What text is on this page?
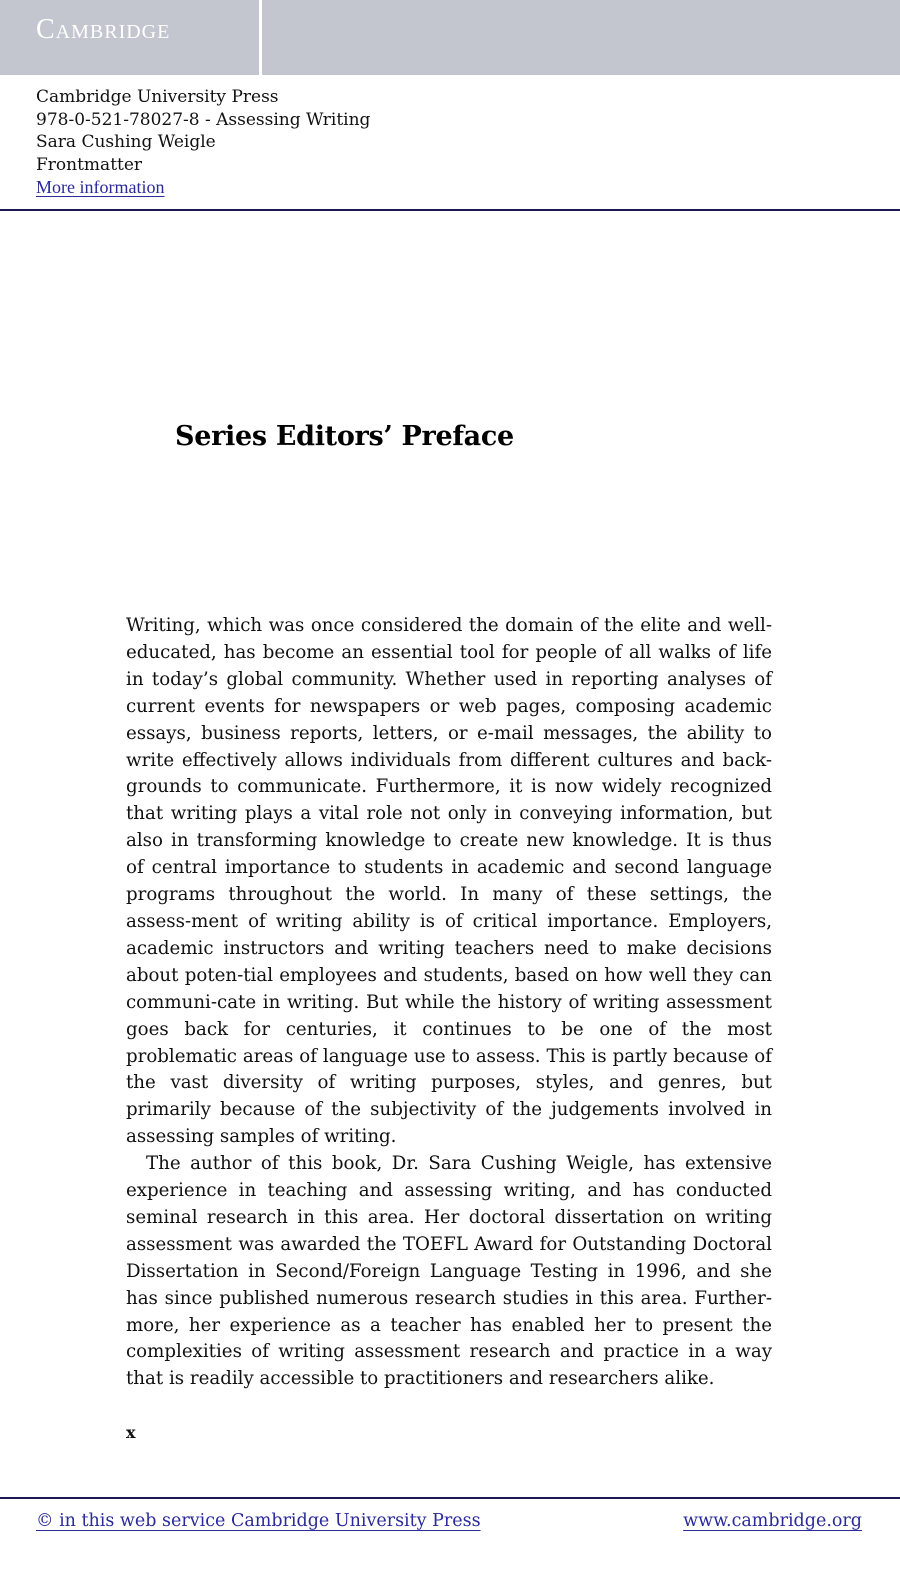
Cambridge
Cambridge University Press
978-0-521-78027-8 - Assessing Writing
Sara Cushing Weigle
Frontmatter
More information
Series Editors’ Preface

Writing, which was once considered the domain of the elite and well-educated, has become an essential tool for people of all walks of life in today’s global community. Whether used in reporting analyses of current events for newspapers or web pages, composing academic essays, business reports, letters, or e-mail messages, the ability to write effectively allows individuals from different cultures and back-grounds to communicate. Furthermore, it is now widely recognized that writing plays a vital role not only in conveying information, but also in transforming knowledge to create new knowledge. It is thus of central importance to students in academic and second language programs throughout the world. In many of these settings, the assess-ment of writing ability is of critical importance. Employers, academic instructors and writing teachers need to make decisions about poten-tial employees and students, based on how well they can communi-cate in writing. But while the history of writing assessment goes back for centuries, it continues to be one of the most problematic areas of language use to assess. This is partly because of the vast diversity of writing purposes, styles, and genres, but primarily because of the subjectivity of the judgements involved in assessing samples of writing.

The author of this book, Dr. Sara Cushing Weigle, has extensive experience in teaching and assessing writing, and has conducted seminal research in this area. Her doctoral dissertation on writing assessment was awarded the TOEFL Award for Outstanding Doctoral Dissertation in Second/Foreign Language Testing in 1996, and she has since published numerous research studies in this area. Further-more, her experience as a teacher has enabled her to present the complexities of writing assessment research and practice in a way that is readily accessible to practitioners and researchers alike.

x
© in this web service Cambridge University Press	www.cambridge.org
